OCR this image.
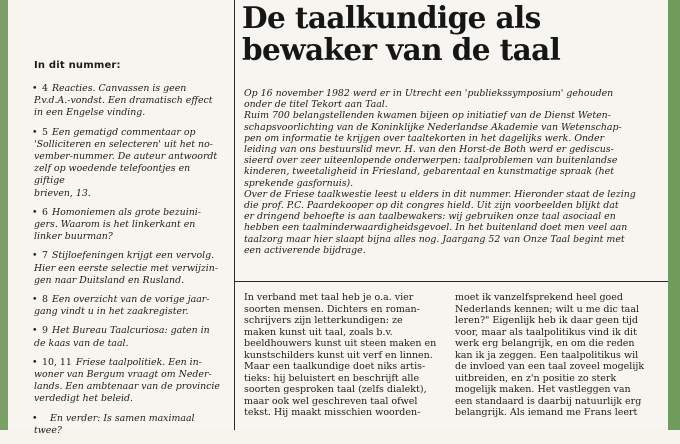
In dit nummer:
• 4 Reacties. Canvassen is geen
P.v.d.A.-vondst. Een dramatisch effect
in een Engelse vinding.
• 5 Een gematigd commentaar op
'Solliciteren en selecteren' uit het no-
vember-nummer. De auteur antwoordt
zelf op woedende telefoontjes en giftige
brieven, 13.
• 6 Homoniemen als grote bezuini-
gers. Waarom is het linkerkant en
linker buurman?
• 7 Stijloefeningen krijgt een vervolg.
Hier een eerste selectie met verwijzin-
gen naar Duitsland en Rusland.
• 8 Een overzicht van de vorige jaar-
gang vindt u in het zaakregister.
• 9 Het Bureau Taalcuriosa: gaten in
de kaas van de taal.
• 10, 11 Friese taalpolitiek. Een in-
woner van Bergum vraagt om Neder-
lands. Een ambtenaar van de provincie
verdedigt het beleid.
• En verder: Is samen maximaal twee?
De taalkundige als
bewaker van de taal

Op 16 november 1982 werd er in Utrecht een 'publiekssymposium' gehouden

onder de titel Tekort aan Taal.

Ruim 700 belangstellenden kwamen bijeen op initiatief van de Dienst Weten-

schapsvoorlichting van de Koninklijke Nederlandse Akademie van Wetenschap-

pen om informatie te krijgen over taaltekorten in het dagelijks werk. Onder

leiding van ons bestuurslid mevr. H. van den Horst-de Both werd er gediscus-

sieerd over zeer uiteenlopende onderwerpen: taalproblemen van buitenlandse

kinderen, tweetaligheid in Friesland, gebarentaal en kunstmatige spraak (het

sprekende gasfornuis).

Over de Friese taalkwestie leest u elders in dit nummer. Hieronder staat de lezing

die prof. P.C. Paardekooper op dit congres hield. Uit zijn voorbeelden blijkt dat

er dringend behoefte is aan taalbewakers: wij gebruiken onze taal asociaal en

hebben een taalminderwaardigheidsgevoel. In het buitenland doet men veel aan

taalzorg maar hier slaapt bijna alles nog. Jaargang 52 van Onze Taal begint met

een activerende bijdrage.

In verband met taal heb je o.a. vier

soorten mensen. Dichters en roman-

schrijvers zijn letterkundigen: ze

maken kunst uit taal, zoals b.v.

beeldhouwers kunst uit steen maken en

kunstschilders kunst uit verf en linnen.

Maar een taalkundige doet niks artis-

tieks: hij beluistert en beschrijft alle

soorten gesproken taal (zelfs dialekt),

maar ook wel geschreven taal ofwel

tekst. Hij maakt misschien woorden-

moet ik vanzelfsprekend heel goed

Nederlands kennen; wilt u me dic taal

leren?" Eigenlijk heb ik daar geen tijd

voor, maar als taalpolitikus vind ik dit

werk erg belangrijk, en om die reden

kan ik ja zeggen. Een taalpolitikus wil

de invloed van een taal zoveel mogelijk

uitbreiden, en z'n positie zo sterk

mogelijk maken. Het vastleggen van

een standaard is daarbij natuurlijk erg

belangrijk. Als iemand me Frans leert
